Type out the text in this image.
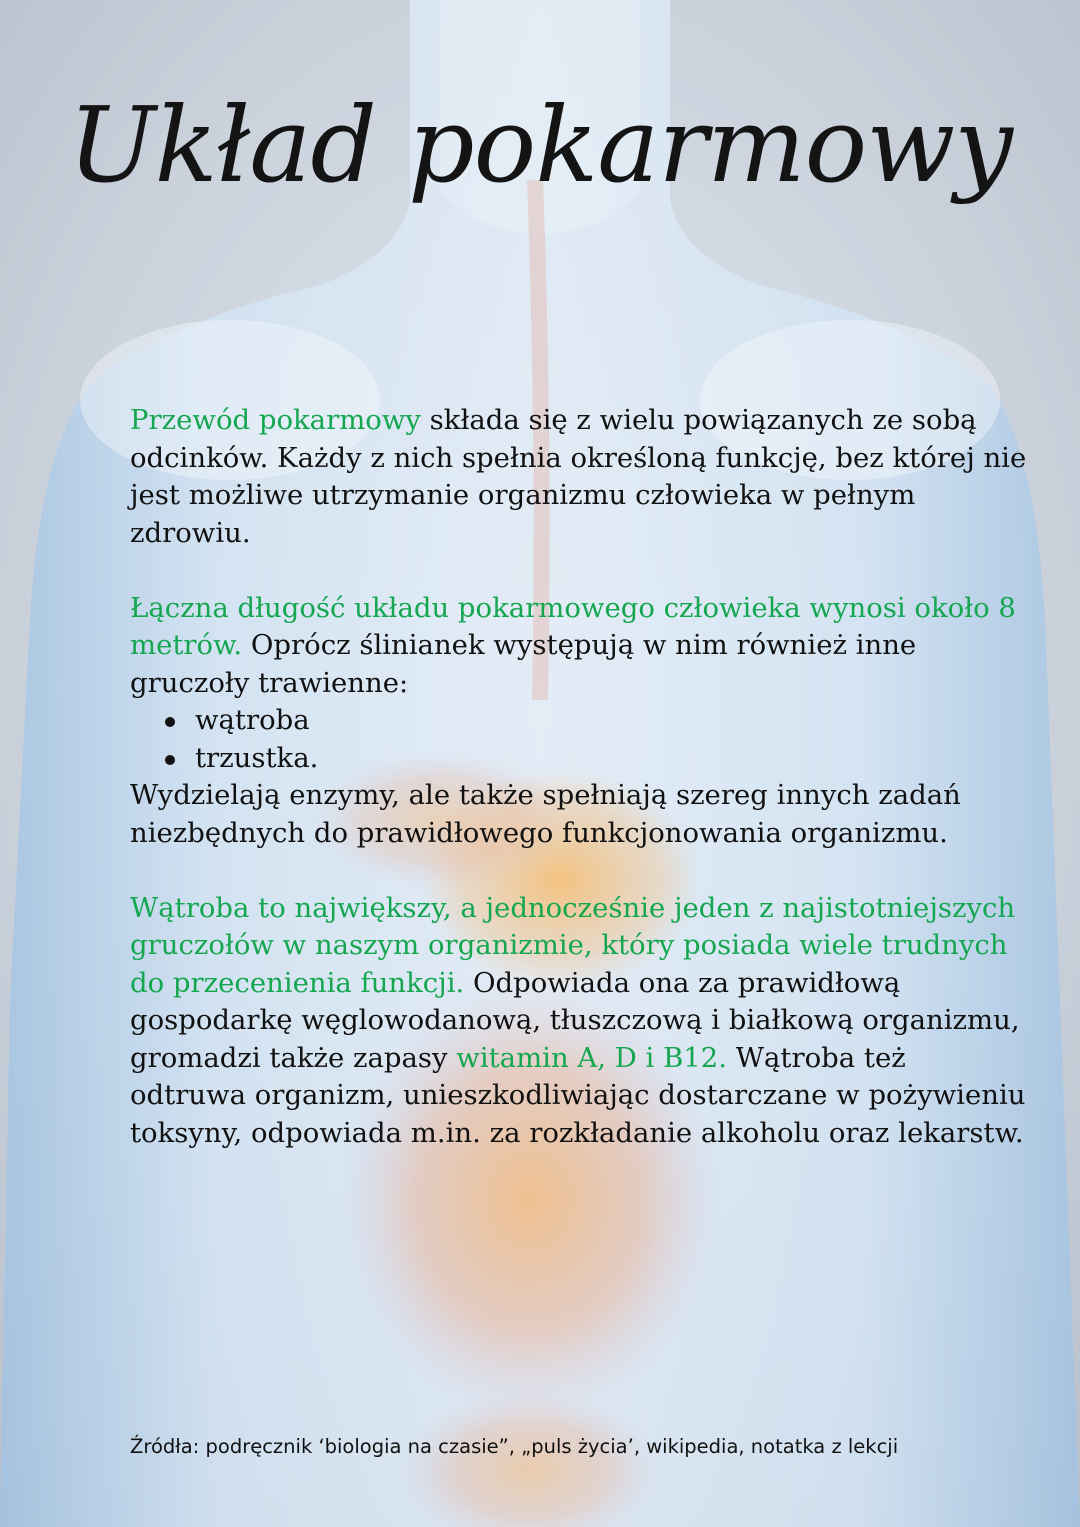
Układ pokarmowy

Przewód pokarmowy składa się z wielu powiązanych ze sobą odcinków. Każdy z nich spełnia określoną funkcję, bez której nie jest możliwe utrzymanie organizmu człowieka w pełnym zdrowiu.

Łączna długość układu pokarmowego człowieka wynosi około 8 metrów. Oprócz ślinianek występują w nim również inne gruczoły trawienne:

wątroba
trzustka.

Wydzielają enzymy, ale także spełniają szereg innych zadań niezbędnych do prawidłowego funkcjonowania organizmu.

Wątroba to największy, a jednocześnie jeden z najistotniejszych gruczołów w naszym organizmie, który posiada wiele trudnych do przecenienia funkcji. Odpowiada ona za prawidłową gospodarkę węglowodanową, tłuszczową i białkową organizmu, gromadzi także zapasy witamin A, D i B12. Wątroba też odtruwa organizm, unieszkodliwiając dostarczane w pożywieniu toksyny, odpowiada m.in. za rozkładanie alkoholu oraz lekarstw.

Źródła: podręcznik ‘biologia na czasie”, „puls życia’, wikipedia, notatka z lekcji
